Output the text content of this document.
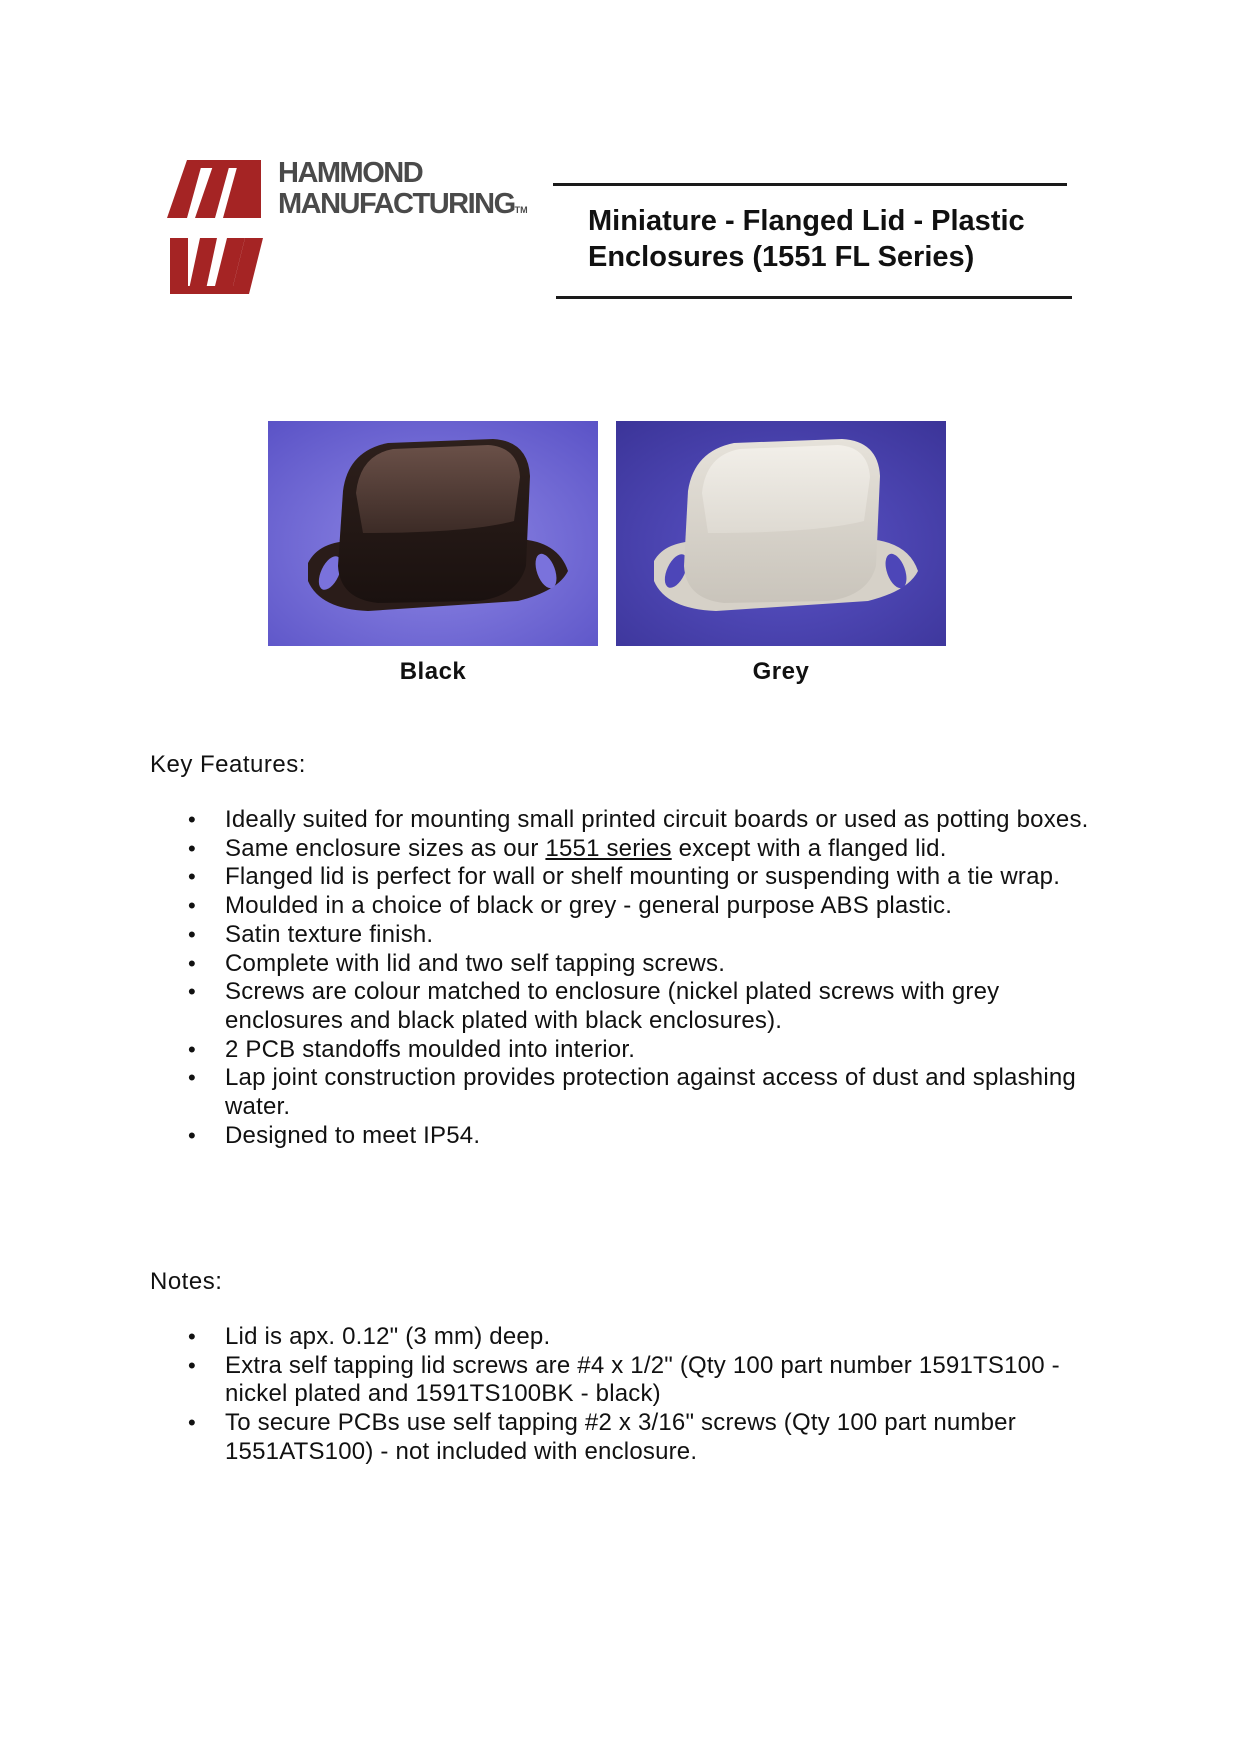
HAMMOND
MANUFACTURINGTM Miniature - Flanged Lid - Plastic
Enclosures (1551 FL Series)
Black	Grey
Key Features:
• Ideally suited for mounting small printed circuit boards or used as potting boxes.
• Same enclosure sizes as our 1551 series except with a flanged lid.
• Flanged lid is perfect for wall or shelf mounting or suspending with a tie wrap.
• Moulded in a choice of black or grey - general purpose ABS plastic.
• Satin texture finish.
• Complete with lid and two self tapping screws.
• Screws are colour matched to enclosure (nickel plated screws with grey enclosures and black plated with black enclosures).
• 2 PCB standoffs moulded into interior.
• Lap joint construction provides protection against access of dust and splashing water.
• Designed to meet IP54.
Notes:
• Lid is apx. 0.12" (3 mm) deep.
• Extra self tapping lid screws are #4 x 1/2" (Qty 100 part number 1591TS100 - nickel plated and 1591TS100BK - black)
• To secure PCBs use self tapping #2 x 3/16" screws (Qty 100 part number 1551ATS100) - not included with enclosure.
